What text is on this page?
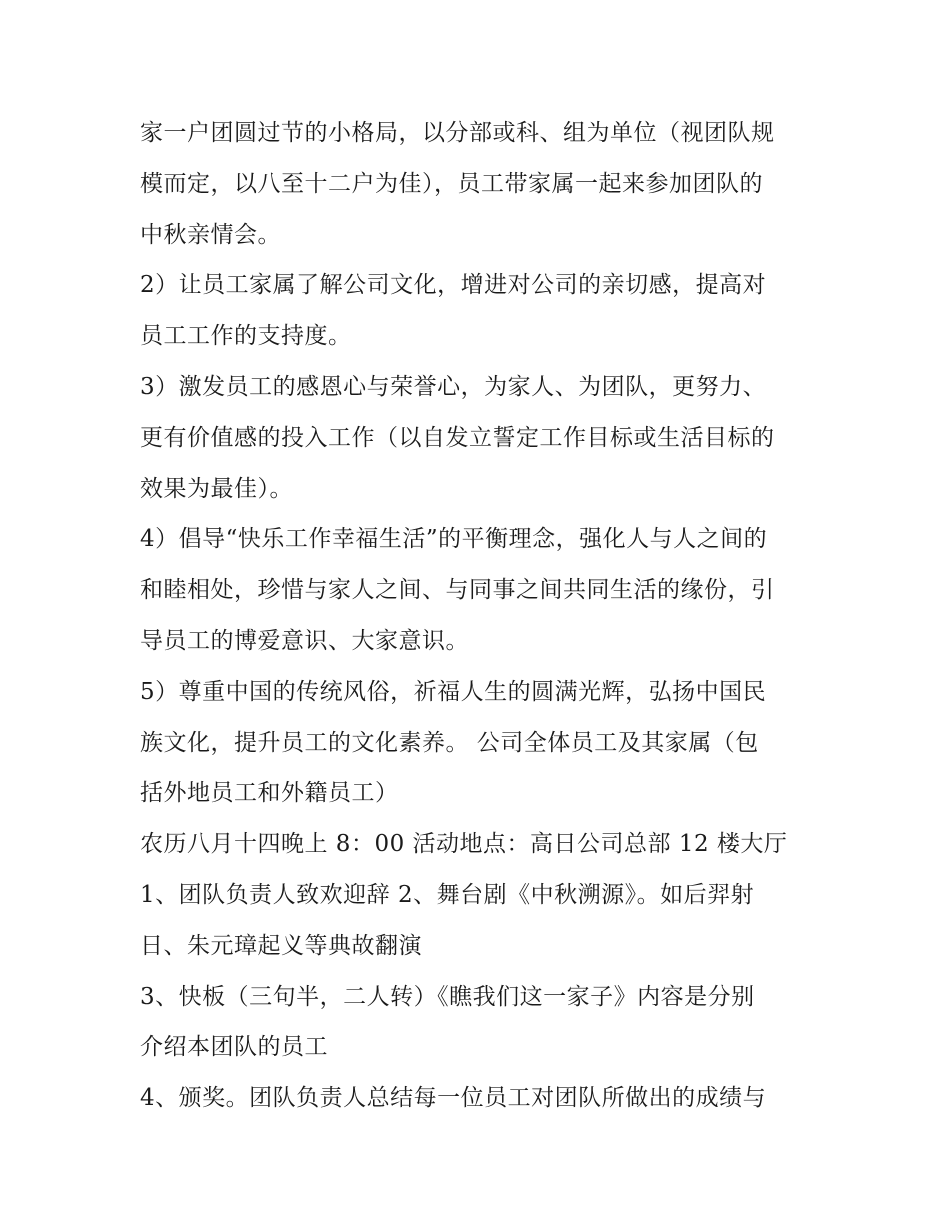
家一户团圆过节的小格局，以分部或科、组为单位（视团队规
模而定，以八至十二户为佳），员工带家属一起来参加团队的
中秋亲情会。
2）让员工家属了解公司文化，增进对公司的亲切感，提高对
员工工作的支持度。
3）激发员工的感恩心与荣誉心，为家人、为团队，更努力、
更有价值感的投入工作（以自发立誓定工作目标或生活目标的
效果为最佳）。
4）倡导“快乐工作幸福生活”的平衡理念，强化人与人之间的
和睦相处，珍惜与家人之间、与同事之间共同生活的缘份，引
导员工的博爱意识、大家意识。
5）尊重中国的传统风俗，祈福人生的圆满光辉，弘扬中国民
族文化，提升员工的文化素养。 公司全体员工及其家属（包
括外地员工和外籍员工）
农历八月十四晚上 8：00 活动地点：高日公司总部 12 楼大厅
1、团队负责人致欢迎辞 2、舞台剧《中秋溯源》。如后羿射
日、朱元璋起义等典故翻演
3、快板（三句半，二人转）《瞧我们这一家子》内容是分别
介绍本团队的员工
4、颁奖。团队负责人总结每一位员工对团队所做出的成绩与
